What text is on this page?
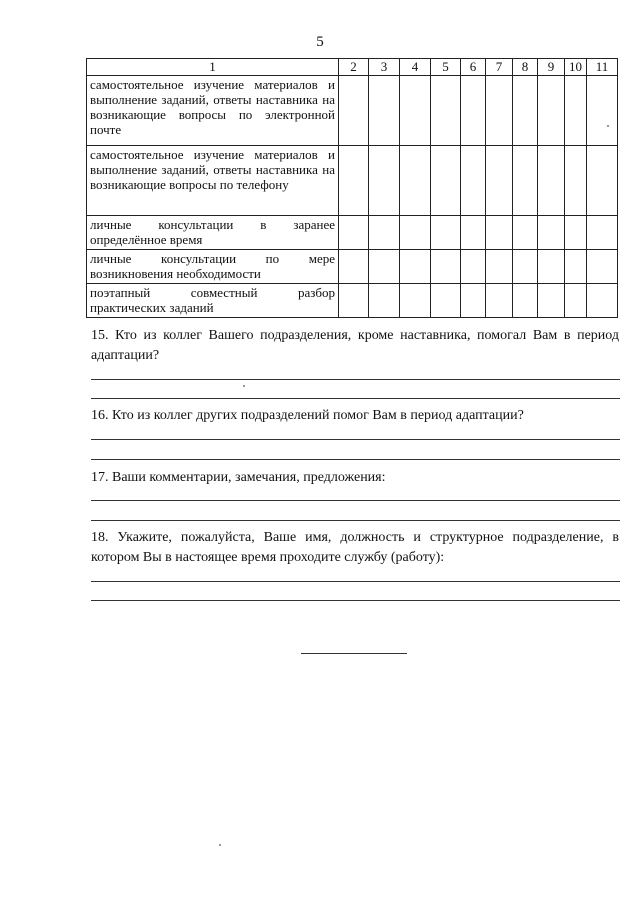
5
1	2	3	4	5	6	7	8	9	10	11
самостоятельное изучение материалов и выполнение заданий, ответы наставника на возникающие вопросы по электронной почте										
самостоятельное изучение материалов и выполнение заданий, ответы наставника на возникающие вопросы по телефону										
личные консультации в заранее определённое время										
личные консультации по мере возникновения необходимости										
поэтапный совместный разбор практических заданий										
15. Кто из коллег Вашего подразделения, кроме наставника, помогал Вам в период адаптации?
16. Кто из коллег других подразделений помог Вам в период адаптации?
17. Ваши комментарии, замечания, предложения:
18. Укажите, пожалуйста, Ваше имя, должность и структурное подразделение, в котором Вы в настоящее время проходите службу (работу):
